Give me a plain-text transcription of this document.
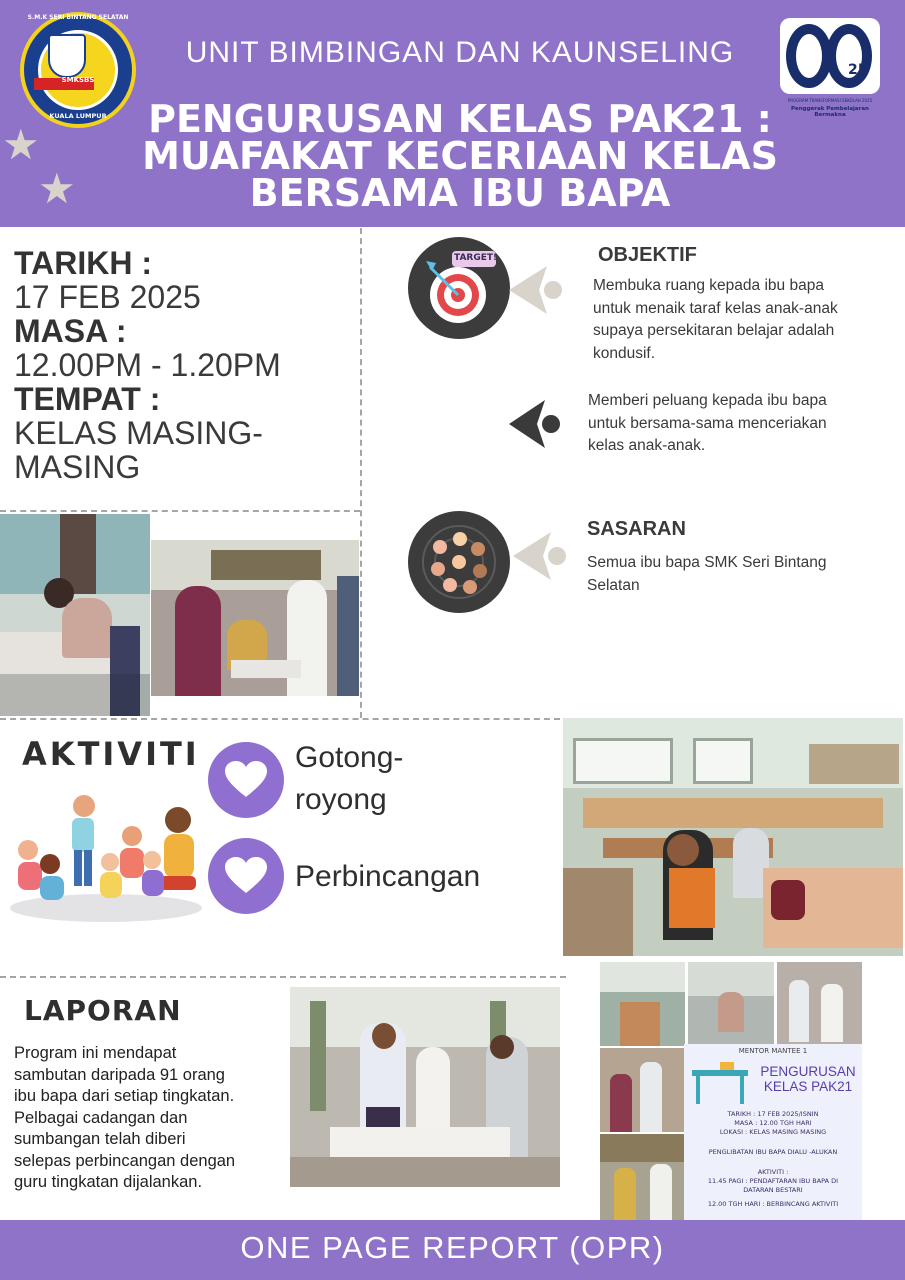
S.M.K SERI BINTANG SELATAN
SMKSBS
KUALA LUMPUR
★
★
UNIT BIMBINGAN DAN KAUNSELING
PENGURUSAN KELAS PAK21 :
MUAFAKAT KECERIAAN KELAS
BERSAMA IBU BAPA
25
PROGRAM TRANSFORMASI SEKOLAH 2025
Penggerak Pembelajaran Bermakna
TARIKH :
17 FEB 2025
MASA :
12.00PM - 1.20PM
TEMPAT :
KELAS MASING-
MASING
TARGET!	OBJEKTIF
Membuka ruang kepada ibu bapa
untuk menaik taraf kelas anak-anak
supaya persekitaran belajar adalah
kondusif.
Memberi peluang kepada ibu bapa
untuk bersama-sama menceriakan
kelas anak-anak.
SASARAN
Semua ibu bapa SMK Seri Bintang
Selatan
AKTIVITI	Gotong-
royong
Perbincangan
LAPORAN
Program ini mendapat
sambutan daripada 91 orang
ibu bapa dari setiap tingkatan.
Pelbagai cadangan dan
sumbangan telah diberi
selepas perbincangan dengan
guru tingkatan dijalankan.
MENTOR MANTEE 1
PENGURUSAN
KELAS PAK21
TARIKH : 17 FEB 2025/ISNIN
MASA : 12.00 TGH HARI
LOKASI : KELAS MASING MASING
PENGLIBATAN IBU BAPA DIALU -ALUKAN
AKTIVITI :
11.45 PAGI : PENDAFTARAN IBU BAPA DI
DATARAN BESTARI
12.00 TGH HARI : BERBINCANG AKTIVITI
ONE PAGE REPORT (OPR)
